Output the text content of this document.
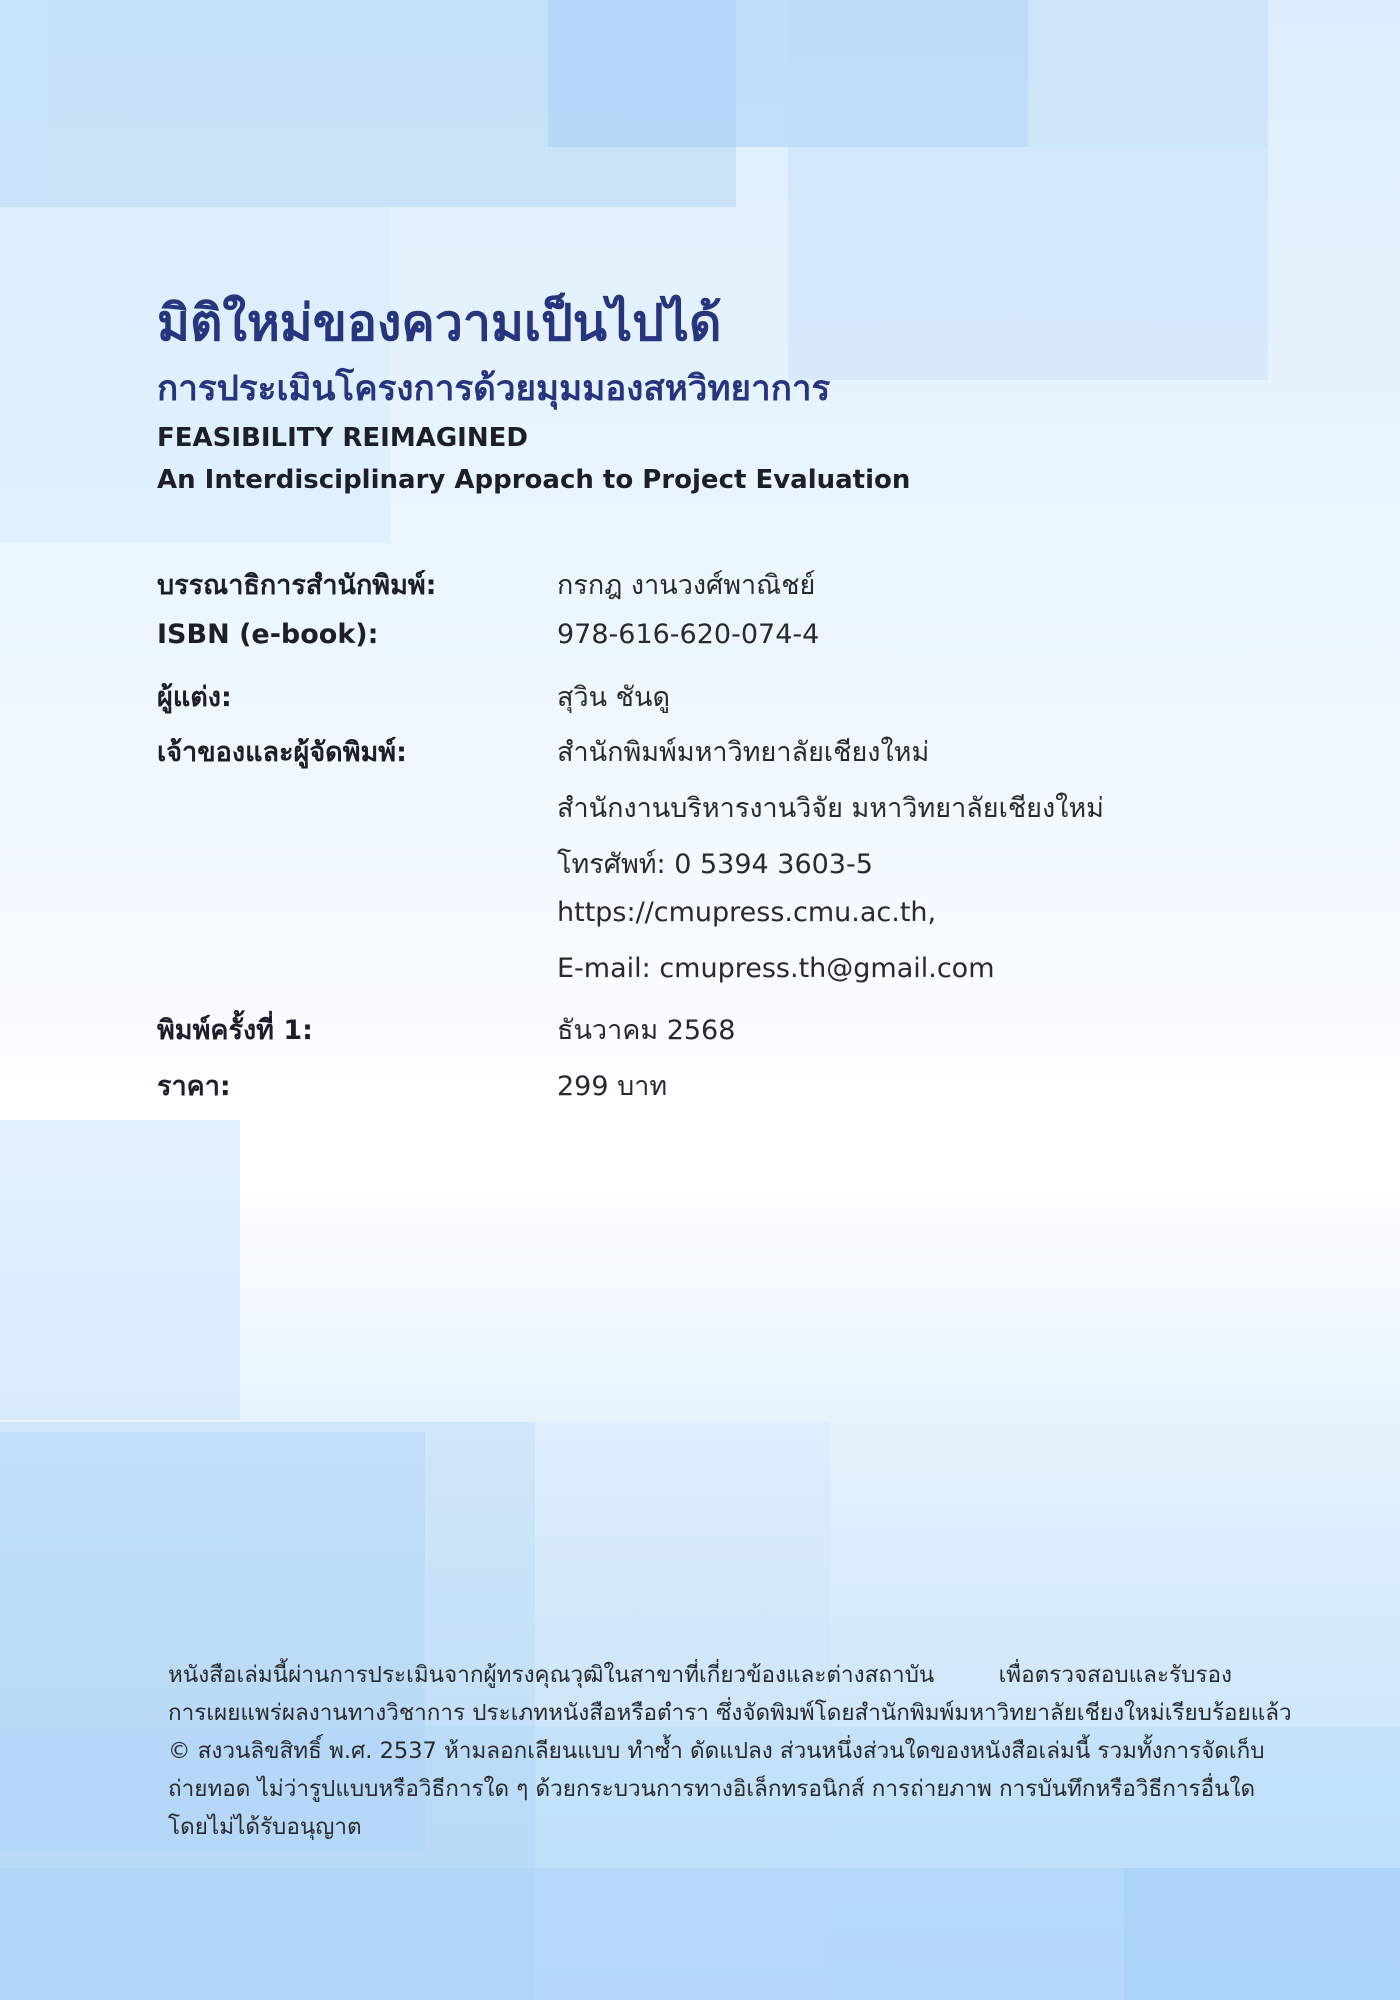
มิติใหม่ของความเป็นไปได้
การประเมินโครงการด้วยมุมมองสหวิทยาการ
FEASIBILITY REIMAGINED
An Interdisciplinary Approach to Project Evaluation
บรรณาธิการสำนักพิมพ์:	กรกฎ งานวงศ์พาณิชย์
ISBN (e-book):	978-616-620-074-4
ผู้แต่ง:	สุวิน ชันดู
เจ้าของและผู้จัดพิมพ์:	สำนักพิมพ์มหาวิทยาลัยเชียงใหม่
สำนักงานบริหารงานวิจัย มหาวิทยาลัยเชียงใหม่
โทรศัพท์: 0 5394 3603-5
https://cmupress.cmu.ac.th,
E-mail: cmupress.th@gmail.com
พิมพ์ครั้งที่ 1:	ธันวาคม 2568
ราคา:	299 บาท
หนังสือเล่มนี้ผ่านการประเมินจากผู้ทรงคุณวุฒิในสาขาที่เกี่ยวข้องและต่างสถาบัน เพื่อตรวจสอบและรับรอง
การเผยแพร่ผลงานทางวิชาการ ประเภทหนังสือหรือตำรา ซึ่งจัดพิมพ์โดยสำนักพิมพ์มหาวิทยาลัยเชียงใหม่เรียบร้อยแล้ว
© สงวนลิขสิทธิ์ พ.ศ. 2537 ห้ามลอกเลียนแบบ ทำซ้ำ ดัดแปลง ส่วนหนึ่งส่วนใดของหนังสือเล่มนี้ รวมทั้งการจัดเก็บ
ถ่ายทอด ไม่ว่ารูปแบบหรือวิธีการใด ๆ ด้วยกระบวนการทางอิเล็กทรอนิกส์ การถ่ายภาพ การบันทึกหรือวิธีการอื่นใด
โดยไม่ได้รับอนุญาต
